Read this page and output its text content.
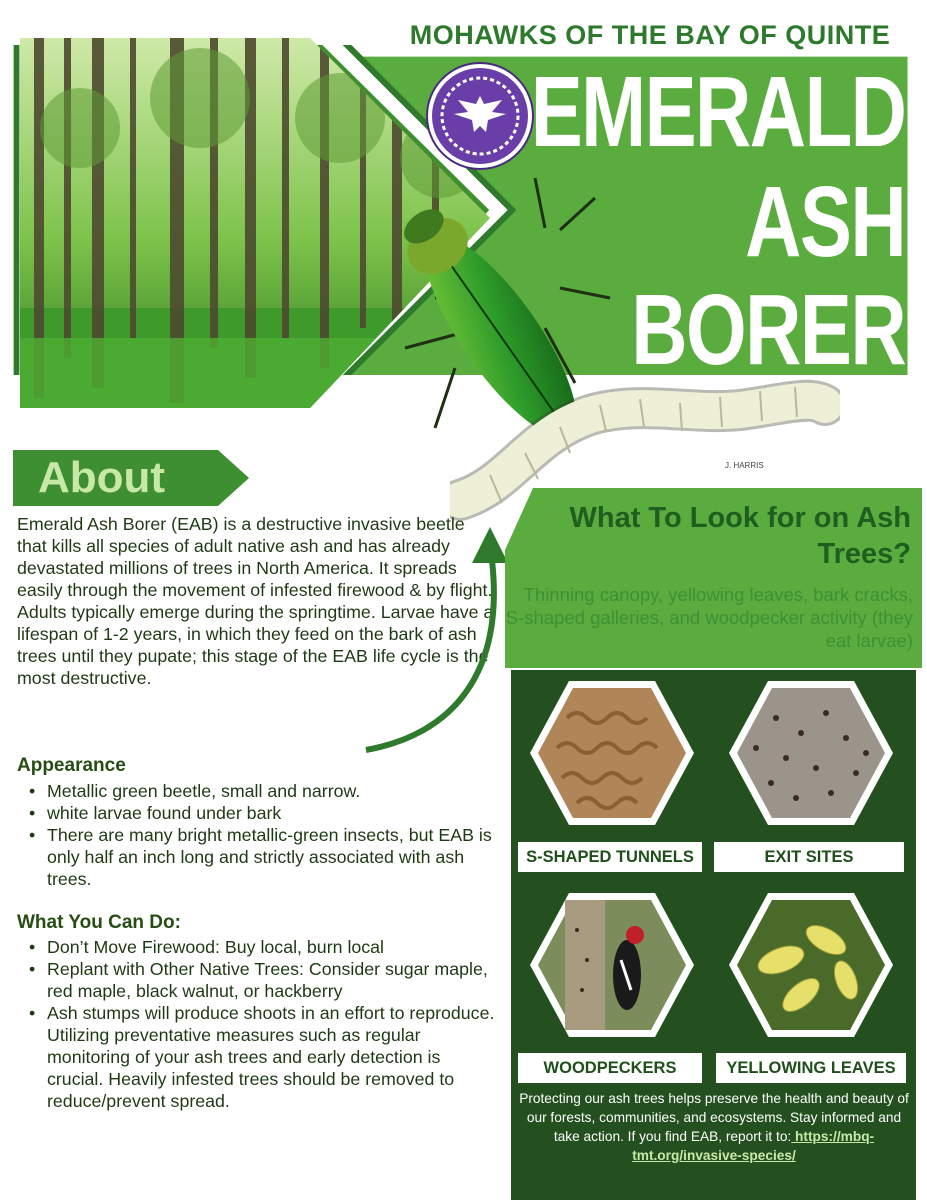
MOHAWKS OF THE BAY OF QUINTE
EMERALD
ASH
BORER
J. HARRIS
About

Emerald Ash Borer (EAB) is a destructive invasive beetle that kills all species of adult native ash and has already devastated millions of trees in North America. It spreads easily through the movement of infested firewood & by flight. Adults typically emerge during the springtime. Larvae have a lifespan of 1-2 years, in which they feed on the bark of ash trees until they pupate; this stage of the EAB life cycle is the most destructive.

Appearance
• Metallic green beetle, small and narrow.
• white larvae found under bark
• There are many bright metallic-green insects, but EAB is only half an inch long and strictly associated with ash trees.
What You Can Do:
• Don’t Move Firewood: Buy local, burn local
• Replant with Other Native Trees: Consider sugar maple, red maple, black walnut, or hackberry
• Ash stumps will produce shoots in an effort to reproduce. Utilizing preventative measures such as regular monitoring of your ash trees and early detection is crucial. Heavily infested trees should be removed to reduce/prevent spread.
What To Look for on Ash Trees?
Thinning canopy, yellowing leaves, bark cracks, S-shaped galleries, and woodpecker activity (they eat larvae)
S-SHAPED TUNNELS	EXIT SITES
WOODPECKERS	YELLOWING LEAVES
Protecting our ash trees helps preserve the health and beauty of our forests, communities, and ecosystems. Stay informed and take action. If you find EAB, report it to: https://mbq-tmt.org/invasive-species/
